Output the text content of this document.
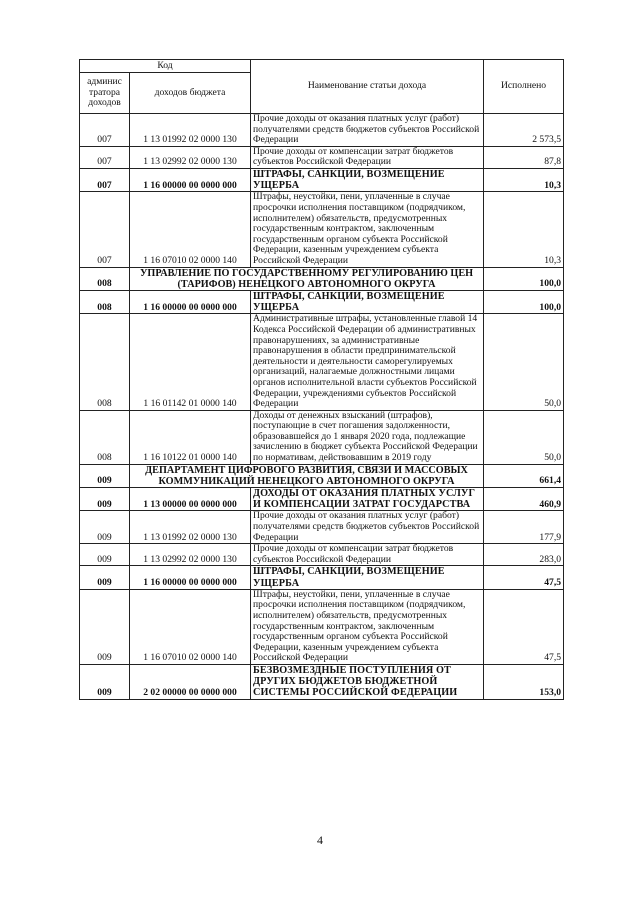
Код		Наименование статьи дохода	Исполнено
админис
тратора
доходов	доходов бюджета		
007	1 13 01992 02 0000 130	Прочие доходы от оказания платных услуг (работ) получателями средств бюджетов субъектов Российской Федерации	2 573,5
007	1 13 02992 02 0000 130	Прочие доходы от компенсации затрат бюджетов субъектов Российской Федерации	87,8
007	1 16 00000 00 0000 000	ШТРАФЫ, САНКЦИИ, ВОЗМЕЩЕНИЕ УЩЕРБА	10,3
007	1 16 07010 02 0000 140	Штрафы, неустойки, пени, уплаченные в случае просрочки исполнения поставщиком (подрядчиком, исполнителем) обязательств, предусмотренных государственным контрактом, заключенным государственным органом субъекта Российской Федерации, казенным учреждением субъекта Российской Федерации	10,3
008	УПРАВЛЕНИЕ ПО ГОСУДАРСТВЕННОМУ РЕГУЛИРОВАНИЮ ЦЕН (ТАРИФОВ) НЕНЕЦКОГО АВТОНОМНОГО ОКРУГА		100,0
008	1 16 00000 00 0000 000	ШТРАФЫ, САНКЦИИ, ВОЗМЕЩЕНИЕ УЩЕРБА	100,0
008	1 16 01142 01 0000 140	Административные штрафы, установленные главой 14 Кодекса Российской Федерации об административных правонарушениях, за административные правонарушения в области предпринимательской деятельности и деятельности саморегулируемых организаций, налагаемые должностными лицами органов исполнительной власти субъектов Российской Федерации, учреждениями субъектов Российской Федерации	50,0
008	1 16 10122 01 0000 140	Доходы от денежных взысканий (штрафов), поступающие в счет погашения задолженности, образовавшейся до 1 января 2020 года, подлежащие зачислению в бюджет субъекта Российской Федерации по нормативам, действовавшим в 2019 году	50,0
009	ДЕПАРТАМЕНТ ЦИФРОВОГО РАЗВИТИЯ, СВЯЗИ И МАССОВЫХ КОММУНИКАЦИЙ НЕНЕЦКОГО АВТОНОМНОГО ОКРУГА		661,4
009	1 13 00000 00 0000 000	ДОХОДЫ ОТ ОКАЗАНИЯ ПЛАТНЫХ УСЛУГ И КОМПЕНСАЦИИ ЗАТРАТ ГОСУДАРСТВА	460,9
009	1 13 01992 02 0000 130	Прочие доходы от оказания платных услуг (работ) получателями средств бюджетов субъектов Российской Федерации	177,9
009	1 13 02992 02 0000 130	Прочие доходы от компенсации затрат бюджетов субъектов Российской Федерации	283,0
009	1 16 00000 00 0000 000	ШТРАФЫ, САНКЦИИ, ВОЗМЕЩЕНИЕ УЩЕРБА	47,5
009	1 16 07010 02 0000 140	Штрафы, неустойки, пени, уплаченные в случае просрочки исполнения поставщиком (подрядчиком, исполнителем) обязательств, предусмотренных государственным контрактом, заключенным государственным органом субъекта Российской Федерации, казенным учреждением субъекта Российской Федерации	47,5
009	2 02 00000 00 0000 000	БЕЗВОЗМЕЗДНЫЕ ПОСТУПЛЕНИЯ ОТ ДРУГИХ БЮДЖЕТОВ БЮДЖЕТНОЙ СИСТЕМЫ РОССИЙСКОЙ ФЕДЕРАЦИИ	153,0
4
